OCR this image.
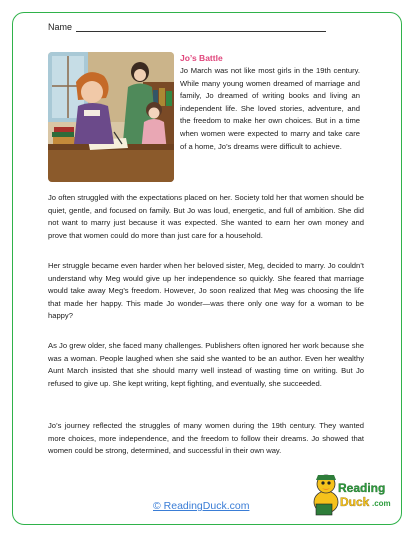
Name
Jo’s Battle
Jo March was not like most girls in the 19th century. While many young women dreamed of marriage and family, Jo dreamed of writing books and living an independent life. She loved stories, adventure, and the freedom to make her own choices. But in a time when women were expected to marry and take care of a home, Jo’s dreams were difficult to achieve.
Jo often struggled with the expectations placed on her. Society told her that women should be quiet, gentle, and focused on family. But Jo was loud, energetic, and full of ambition. She did not want to marry just because it was expected. She wanted to earn her own money and prove that women could do more than just care for a household.
Her struggle became even harder when her beloved sister, Meg, decided to marry. Jo couldn’t understand why Meg would give up her independence so quickly. She feared that marriage would take away Meg’s freedom. However, Jo soon realized that Meg was choosing the life that made her happy. This made Jo wonder—was there only one way for a woman to be happy?
As Jo grew older, she faced many challenges. Publishers often ignored her work because she was a woman. People laughed when she said she wanted to be an author. Even her wealthy Aunt March insisted that she should marry well instead of wasting time on writing. But Jo refused to give up. She kept writing, kept fighting, and eventually, she succeeded.
Jo’s journey reflected the struggles of many women during the 19th century. They wanted more choices, more independence, and the freedom to follow their dreams. Jo showed that women could be strong, determined, and successful in their own way.
© ReadingDuck.com
Reading
Duck .com
